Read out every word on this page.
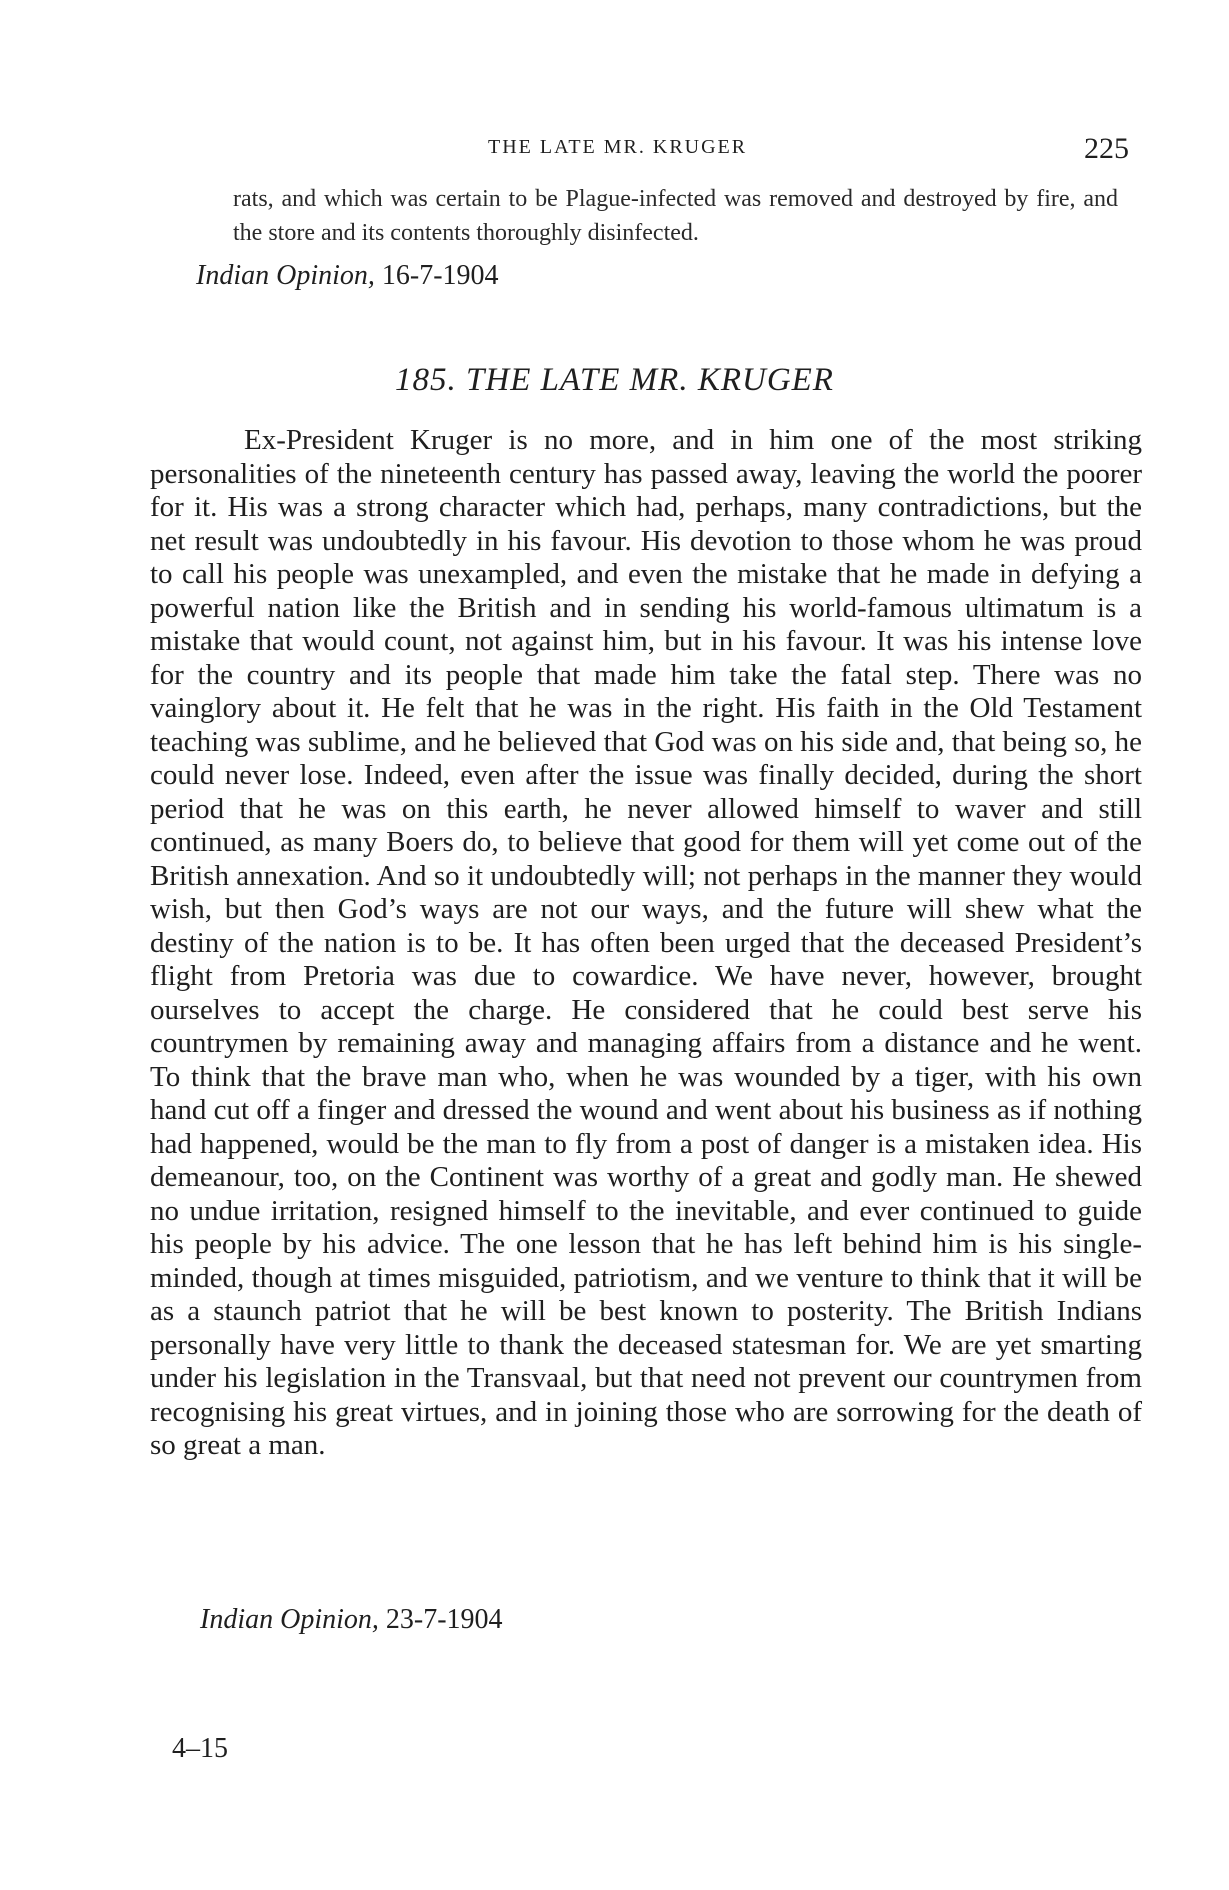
THE LATE MR. KRUGER	225
rats, and which was certain to be Plague-infected was removed and destroyed by fire, and the store and its contents thoroughly disinfected.
Indian Opinion, 16-7-1904
185. THE LATE MR. KRUGER

Ex-President Kruger is no more, and in him one of the most striking personalities of the nineteenth century has passed away, leaving the world the poorer for it. His was a strong character which had, perhaps, many contradictions, but the net result was undoubtedly in his favour. His devotion to those whom he was proud to call his people was unexampled, and even the mistake that he made in defying a powerful nation like the British and in sending his world-famous ultimatum is a mistake that would count, not against him, but in his favour. It was his intense love for the country and its people that made him take the fatal step. There was no vainglory about it. He felt that he was in the right. His faith in the Old Testament teaching was sublime, and he believed that God was on his side and, that being so, he could never lose. Indeed, even after the issue was finally decided, during the short period that he was on this earth, he never allowed himself to waver and still continued, as many Boers do, to believe that good for them will yet come out of the British annexation. And so it undoubtedly will; not perhaps in the manner they would wish, but then God’s ways are not our ways, and the future will shew what the destiny of the nation is to be. It has often been urged that the deceased President’s flight from Pretoria was due to cowardice. We have never, however, brought ourselves to accept the charge. He considered that he could best serve his countrymen by remaining away and managing affairs from a distance and he went. To think that the brave man who, when he was wounded by a tiger, with his own hand cut off a finger and dressed the wound and went about his business as if nothing had happened, would be the man to fly from a post of danger is a mistaken idea. His demeanour, too, on the Continent was worthy of a great and godly man. He shewed no undue irritation, resigned himself to the inevitable, and ever continued to guide his people by his advice. The one lesson that he has left behind him is his single-minded, though at times misguided, patriotism, and we venture to think that it will be as a staunch patriot that he will be best known to posterity. The British Indians personally have very little to thank the deceased statesman for. We are yet smarting under his legislation in the Transvaal, but that need not prevent our countrymen from recognising his great virtues, and in joining those who are sorrowing for the death of so great a man.

Indian Opinion, 23-7-1904
4–15
